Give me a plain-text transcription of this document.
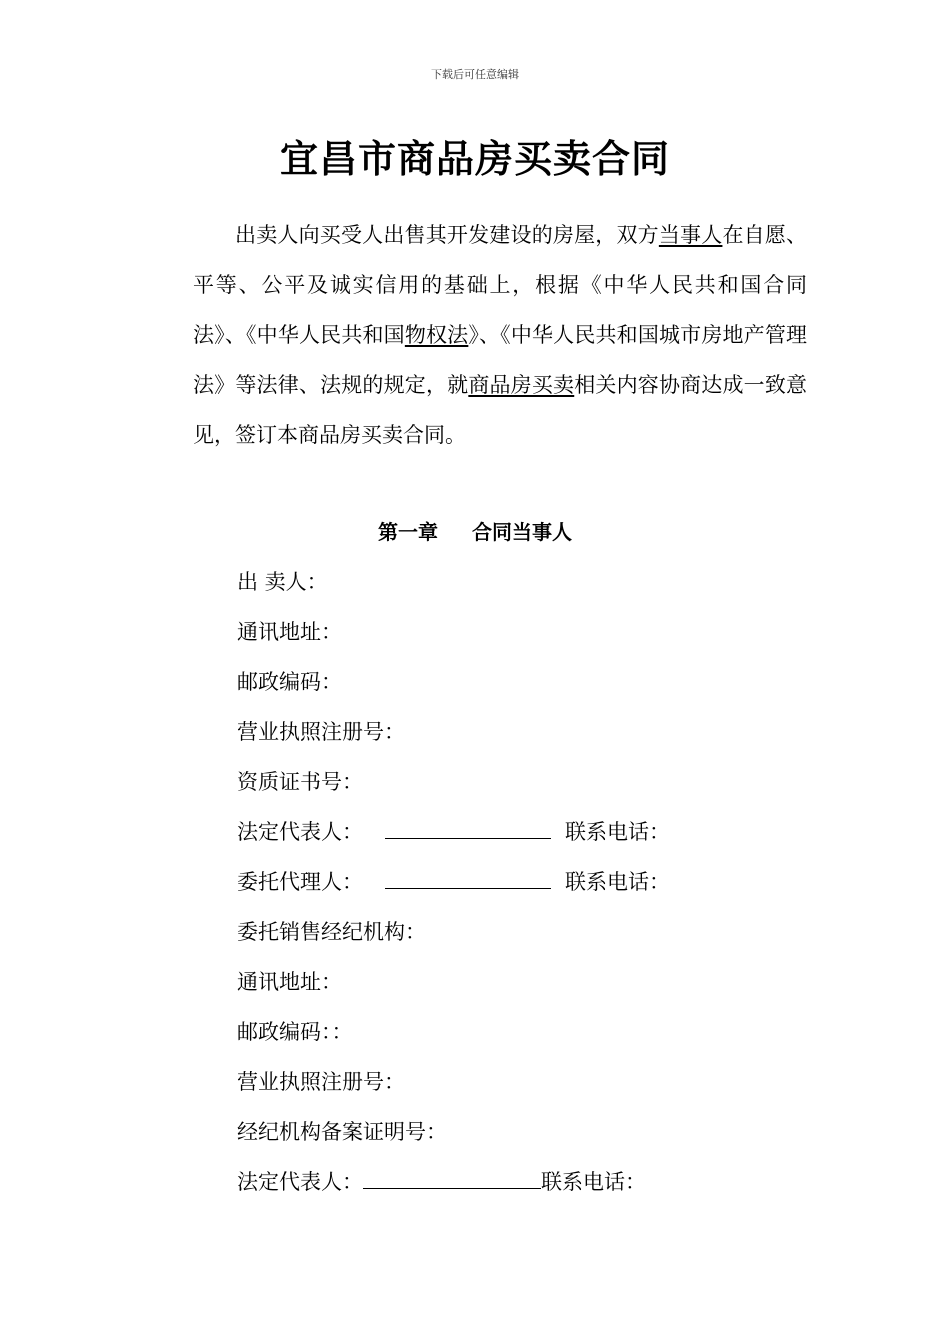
下载后可任意编辑
宜昌市商品房买卖合同

出卖人向买受人出售其开发建设的房屋，双方当事人在自愿、平等、公平及诚实信用的基础上，根据《中华人民共和国合同法》、《中华人民共和国物权法》、《中华人民共和国城市房地产管理法》等法律、法规的规定，就商品房买卖相关内容协商达成一致意见，签订本商品房买卖合同。

第一章 合同当事人
出 卖人：
通讯地址：
邮政编码：
营业执照注册号：
资质证书号：
法定代表人：	联系电话：
委托代理人：	联系电话：
委托销售经纪机构：
通讯地址：
邮政编码：：
营业执照注册号：
经纪机构备案证明号：
法定代表人：	联系电话：
